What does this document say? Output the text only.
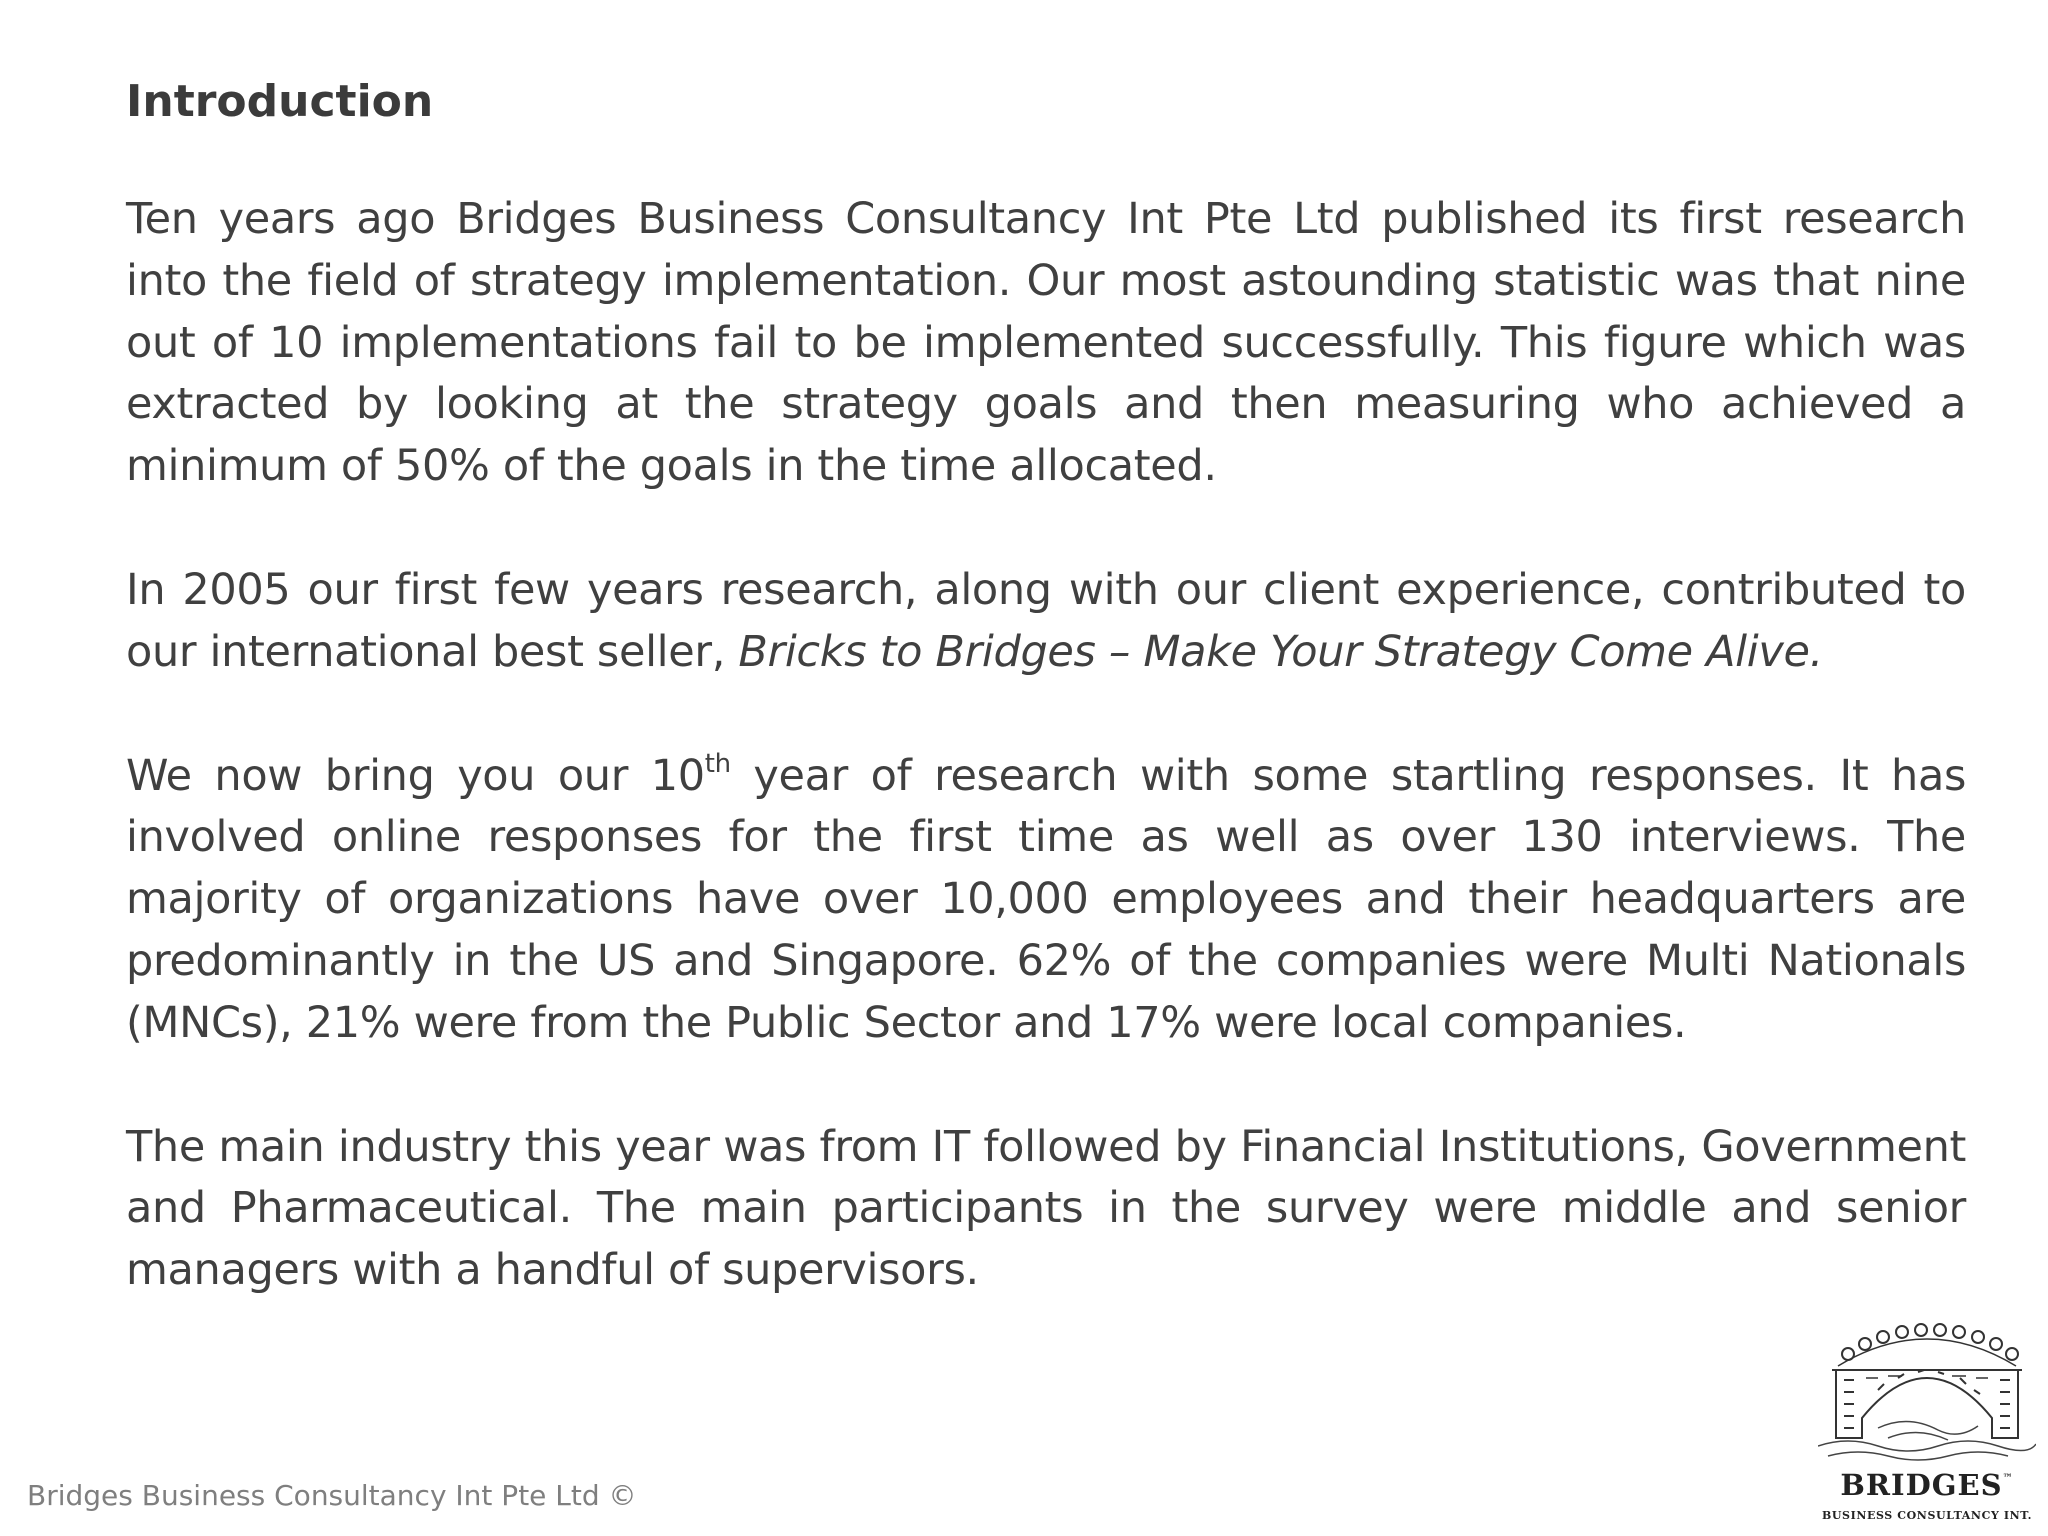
Introduction

Ten years ago Bridges Business Consultancy Int Pte Ltd published its first research into the field of strategy implementation. Our most astounding statistic was that nine out of 10 implementations fail to be implemented successfully. This figure which was extracted by looking at the strategy goals and then measuring who achieved a minimum of 50% of the goals in the time allocated.

In 2005 our first few years research, along with our client experience, contributed to our international best seller, Bricks to Bridges – Make Your Strategy Come Alive.

We now bring you our 10th year of research with some startling responses. It has involved online responses for the first time as well as over 130 interviews. The majority of organizations have over 10,000 employees and their headquarters are predominantly in the US and Singapore. 62% of the companies were Multi Nationals (MNCs), 21% were from the Public Sector and 17% were local companies.

The main industry this year was from IT followed by Financial Institutions, Government and Pharmaceutical. The main participants in the survey were middle and senior managers with a handful of supervisors.

Bridges Business Consultancy Int Pte Ltd ©	BRIDGES™
BUSINESS CONSULTANCY INT.
